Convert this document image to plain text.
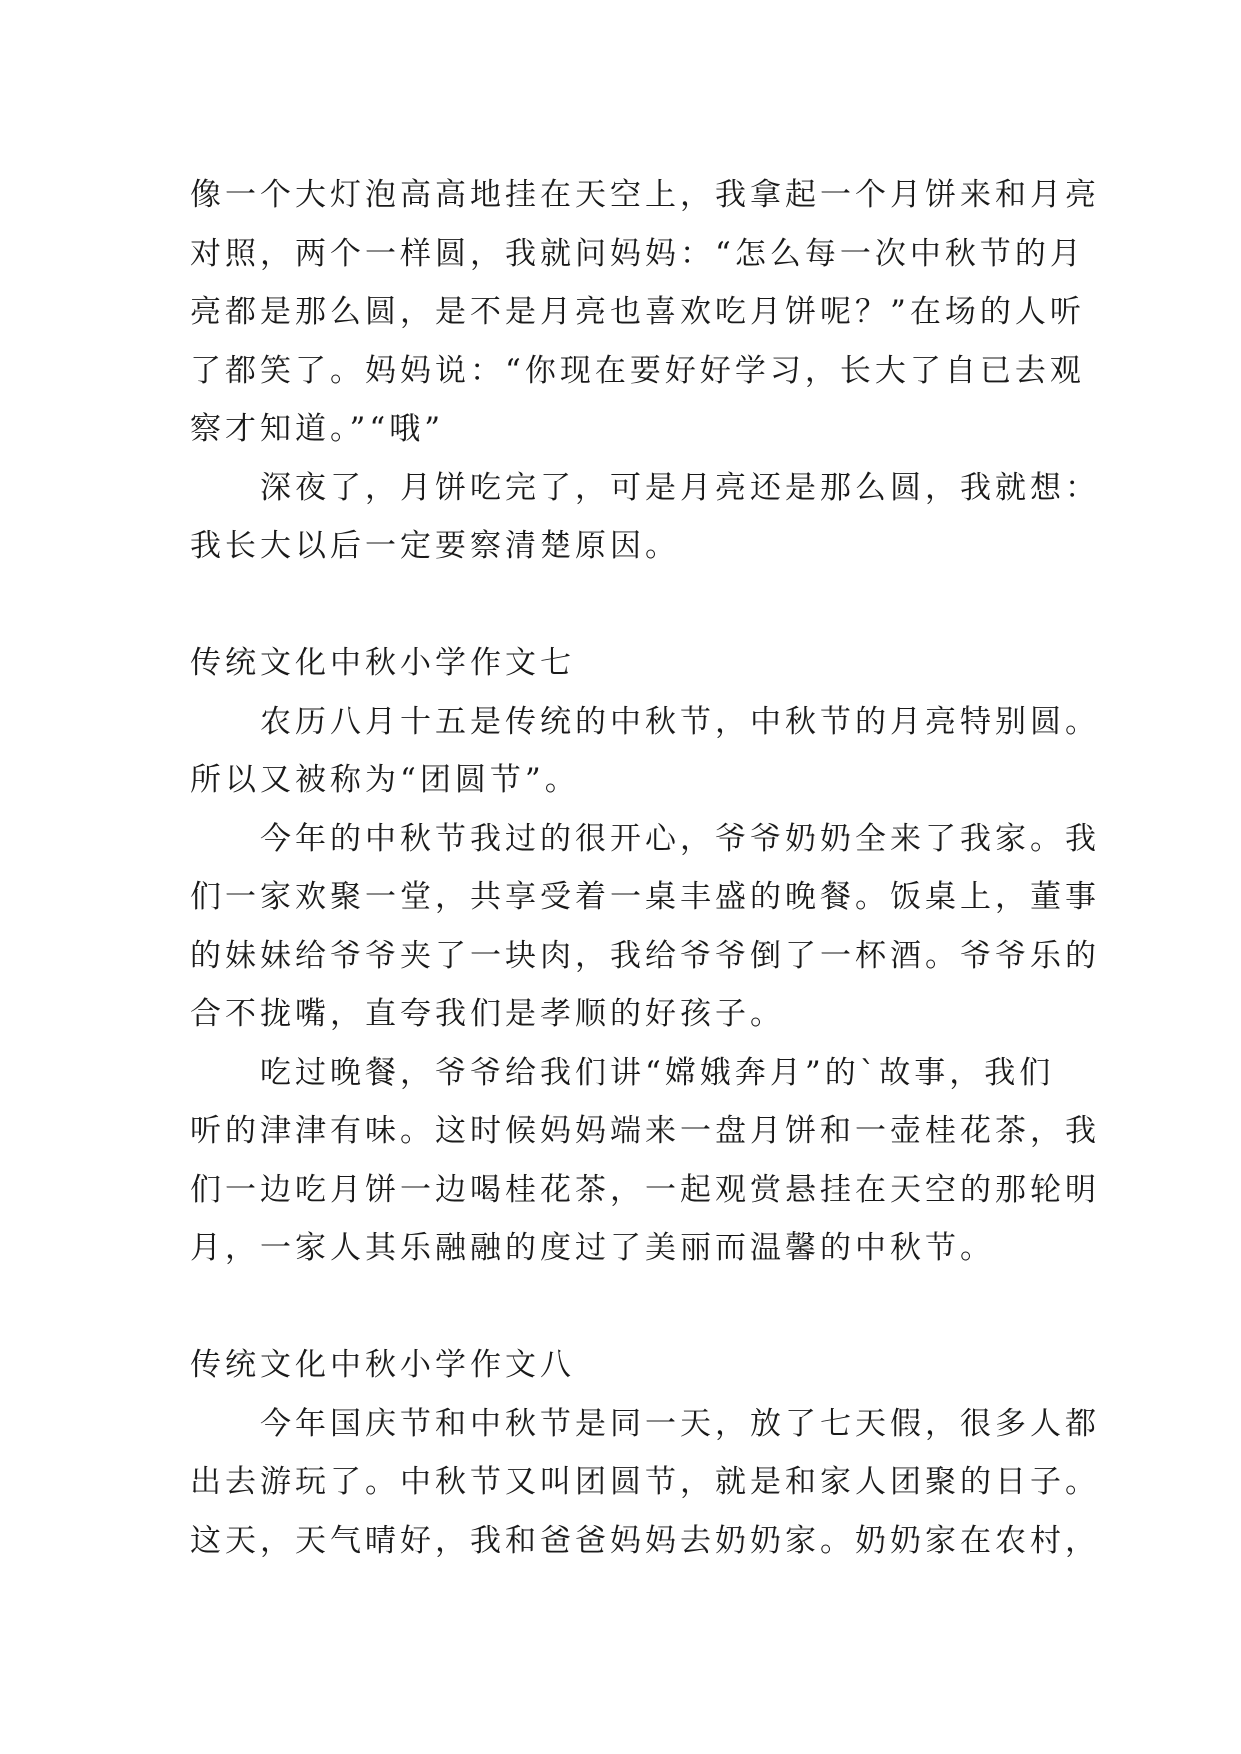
像一个大灯泡高高地挂在天空上，我拿起一个月饼来和月亮
对照，两个一样圆，我就问妈妈：“怎么每一次中秋节的月
亮都是那么圆，是不是月亮也喜欢吃月饼呢？”在场的人听
了都笑了。妈妈说：“你现在要好好学习，长大了自已去观
察才知道。”“哦”

深夜了，月饼吃完了，可是月亮还是那么圆，我就想：
我长大以后一定要察清楚原因。

传统文化中秋小学作文七

农历八月十五是传统的中秋节，中秋节的月亮特别圆。
所以又被称为“团圆节”。

今年的中秋节我过的很开心，爷爷奶奶全来了我家。我
们一家欢聚一堂，共享受着一桌丰盛的晚餐。饭桌上，董事
的妹妹给爷爷夹了一块肉，我给爷爷倒了一杯酒。爷爷乐的
合不拢嘴，直夸我们是孝顺的好孩子。

吃过晚餐，爷爷给我们讲“嫦娥奔月”的`故事，我们
听的津津有味。这时候妈妈端来一盘月饼和一壶桂花茶，我
们一边吃月饼一边喝桂花茶，一起观赏悬挂在天空的那轮明
月，一家人其乐融融的度过了美丽而温馨的中秋节。

传统文化中秋小学作文八

今年国庆节和中秋节是同一天，放了七天假，很多人都
出去游玩了。中秋节又叫团圆节，就是和家人团聚的日子。
这天，天气晴好，我和爸爸妈妈去奶奶家。奶奶家在农村，
